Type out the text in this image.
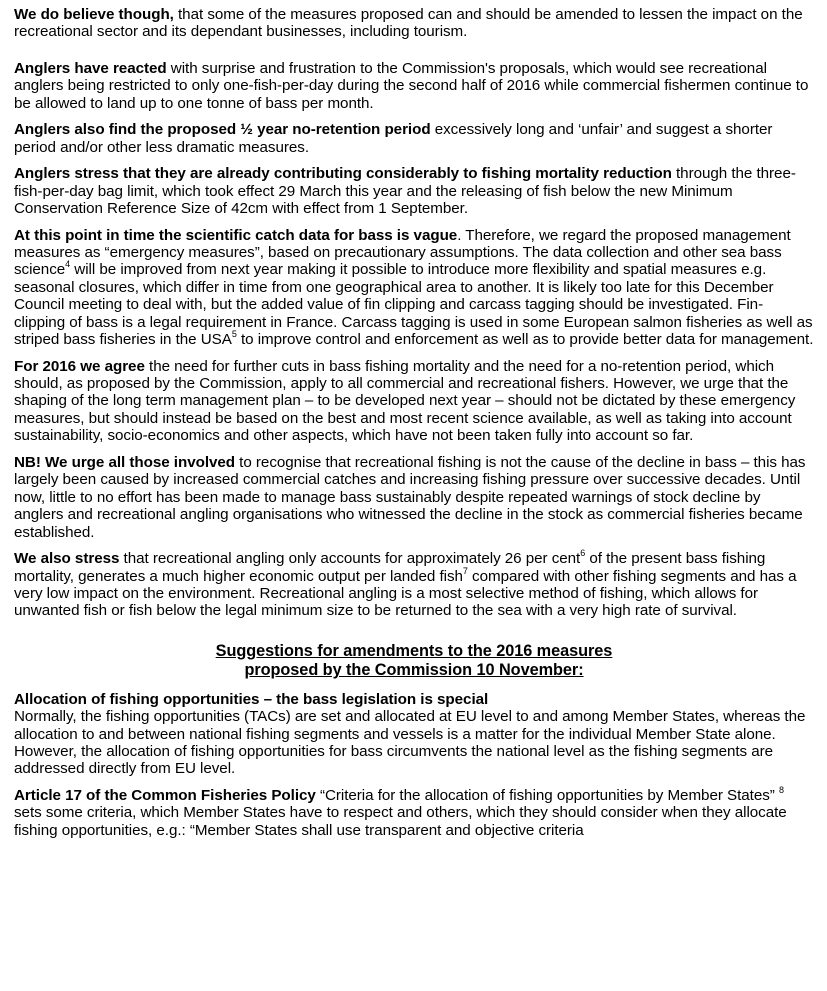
We do believe though, that some of the measures proposed can and should be amended to lessen the impact on the recreational sector and its dependant businesses, including tourism.

Anglers have reacted with surprise and frustration to the Commission's proposals, which would see recreational anglers being restricted to only one-fish-per-day during the second half of 2016 while commercial fishermen continue to be allowed to land up to one tonne of bass per month.

Anglers also find the proposed ½ year no-retention period excessively long and ‘unfair’ and suggest a shorter period and/or other less dramatic measures.

Anglers stress that they are already contributing considerably to fishing mortality reduction through the three-fish-per-day bag limit, which took effect 29 March this year and the releasing of fish below the new Minimum Conservation Reference Size of 42cm with effect from 1 September.

At this point in time the scientific catch data for bass is vague. Therefore, we regard the proposed management measures as “emergency measures”, based on precautionary assumptions. The data collection and other sea bass science$^4$ will be improved from next year making it possible to introduce more flexibility and spatial measures e.g. seasonal closures, which differ in time from one geographical area to another. It is likely too late for this December Council meeting to deal with, but the added value of fin clipping and carcass tagging should be investigated. Fin-clipping of bass is a legal requirement in France. Carcass tagging is used in some European salmon fisheries as well as striped bass fisheries in the USA$^5$ to improve control and enforcement as well as to provide better data for management.

For 2016 we agree the need for further cuts in bass fishing mortality and the need for a no-retention period, which should, as proposed by the Commission, apply to all commercial and recreational fishers. However, we urge that the shaping of the long term management plan – to be developed next year – should not be dictated by these emergency measures, but should instead be based on the best and most recent science available, as well as taking into account sustainability, socio-economics and other aspects, which have not been taken fully into account so far.

NB! We urge all those involved to recognise that recreational fishing is not the cause of the decline in bass – this has largely been caused by increased commercial catches and increasing fishing pressure over successive decades. Until now, little to no effort has been made to manage bass sustainably despite repeated warnings of stock decline by anglers and recreational angling organisations who witnessed the decline in the stock as commercial fisheries became established.

We also stress that recreational angling only accounts for approximately 26 per cent$^6$ of the present bass fishing mortality, generates a much higher economic output per landed fish$^7$ compared with other fishing segments and has a very low impact on the environment. Recreational angling is a most selective method of fishing, which allows for unwanted fish or fish below the legal minimum size to be returned to the sea with a very high rate of survival.

Suggestions for amendments to the 2016 measures
proposed by the Commission 10 November:

Allocation of fishing opportunities – the bass legislation is special
Normally, the fishing opportunities (TACs) are set and allocated at EU level to and among Member States, whereas the allocation to and between national fishing segments and vessels is a matter for the individual Member State alone. However, the allocation of fishing opportunities for bass circumvents the national level as the fishing segments are addressed directly from EU level.

Article 17 of the Common Fisheries Policy “Criteria for the allocation of fishing opportunities by Member States” $^8$ sets some criteria, which Member States have to respect and others, which they should consider when they allocate fishing opportunities, e.g.: “Member States shall use transparent and objective criteria
